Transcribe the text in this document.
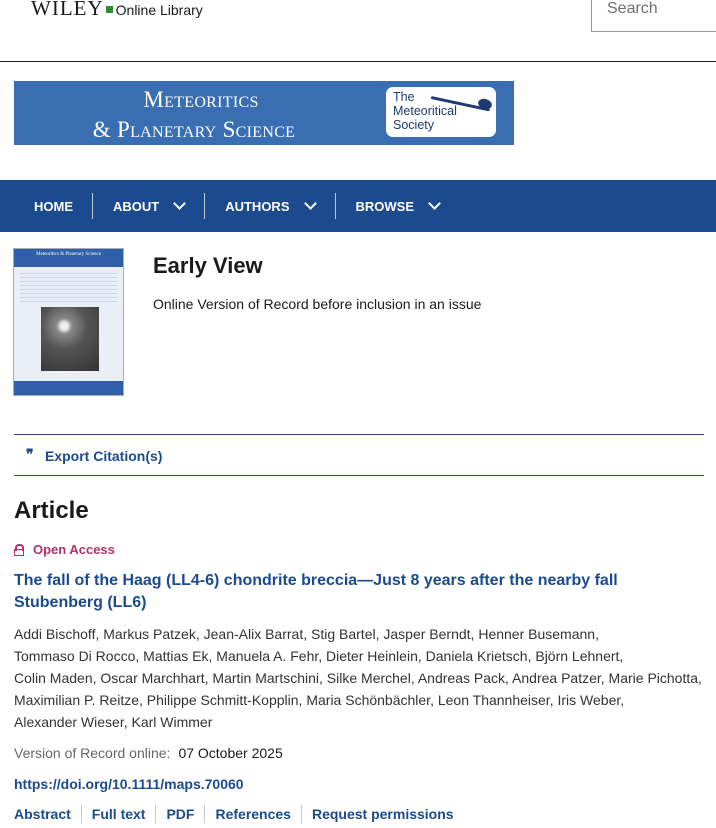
WILEY Online Library
Search
Meteoritics
& Planetary Science
The
Meteoritical
Society
HOME	ABOUT	AUTHORS	BROWSE
Meteoritics & Planetary Science	Early View
Online Version of Record before inclusion in an issue
❞ Export Citation(s)
Article
Open Access
The fall of the Haag (LL4-6) chondrite breccia—Just 8 years after the nearby fall Stubenberg (LL6)
Addi Bischoff, Markus Patzek, Jean-Alix Barrat, Stig Bartel, Jasper Berndt, Henner Busemann, Tommaso Di Rocco, Mattias Ek, Manuela A. Fehr, Dieter Heinlein, Daniela Krietsch, Björn Lehnert, Colin Maden, Oscar Marchhart, Martin Martschini, Silke Merchel, Andreas Pack, Andrea Patzer, Marie Pichotta, Maximilian P. Reitze, Philippe Schmitt-Kopplin, Maria Schönbächler, Leon Thannheiser, Iris Weber, Alexander Wieser, Karl Wimmer
Version of Record online: 07 October 2025
https://doi.org/10.1111/maps.70060
Abstract	Full text	PDF	References	Request permissions
